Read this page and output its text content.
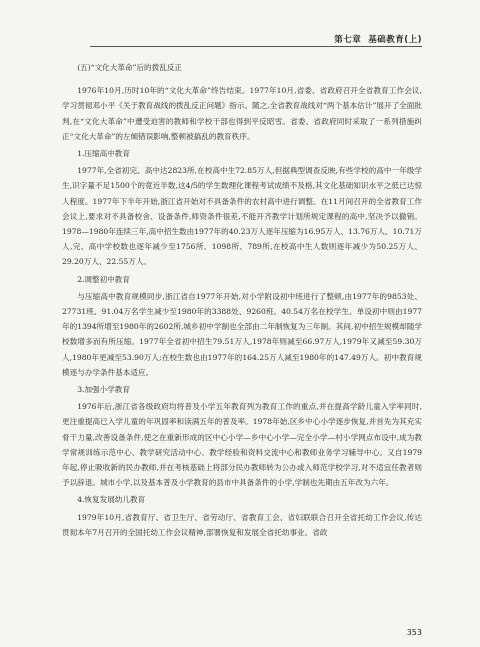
第七章 基础教育(上)

(五)“文化大革命”后的拨乱反正

1976年10月,历时10年的“文化大革命”终告结束。1977年10月,省委、省政府召开全省教育工作会议,学习贯彻邓小平《关于教育战线的拨乱反正问题》指示。随之,全省教育战线对“两个基本估计”展开了全面批判,在“文化大革命”中遭受迫害的教师和学校干部也得到平反昭雪。省委、省政府同时采取了一系列措施纠正“文化大革命”的左倾错误影响,整顿被搞乱的教育秩序。

1.压缩高中教育

1977年,全省初完、高中达2823所,在校高中生72.85万人,但据典型调查反映,有些学校的高中一年级学生,识字量不足1500个的竟近半数,这4/5的学生数理化课程考试成绩不及格,其文化基础知识水平之低已达惊人程度。1977年下半年开始,浙江省开始对不具备条件的农村高中进行调整。在11月间召开的全省教育工作会议上,要求对不具备校舍、设备条件,师资条件很差,不能开齐教学计划所规定课程的高中,坚决予以撤销。1978—1980年连续三年,高中招生数由1977年的40.23万人逐年压缩为16.95万人、13.76万人、10.71万人,完、高中学校数也逐年减少至1756所、1098所、789所,在校高中生人数则逐年减少为50.25万人、29.20万人、22.55万人。

2.调整初中教育

与压缩高中教育规模同步,浙江省自1977年开始,对小学附设初中班进行了整顿,由1977年的9853处、27731班、91.04万名学生减少至1980年的3388处、9260班、40.54万名在校学生。单设初中则由1977年的1394所增至1980年的2602所,城乡初中学制也全部由二年制恢复为三年制。其间,初中招生规模却随学校数增多而有所压缩。1977年全省初中招生79.51万人,1978年则减至66.97万人,1979年又减至59.30万人,1980年更减至53.90万人;在校生数也由1977年的164.25万人减至1980年的147.49万人。初中教育规模逐与办学条件基本适应。

3.加强小学教育

1976年后,浙江省各级政府均将普及小学五年教育列为教育工作的重点,并在提高学龄儿童入学率同时,更注重提高已入学儿童的年巩固率和读满五年的普及率。1978年始,区乡中心小学逐步恢复,并首先为其充实骨干力量,改善设备条件,使之在重新形成的区中心小学—乡中心小学—完全小学—村小学网点布设中,成为教学常规训练示范中心、教学研究活动中心、教学经验和资料交流中心和教师业务学习辅导中心。又自1979年起,停止吸收新的民办教师,并在考核基础上将部分民办教师转为公办或入师范学校学习,对不适宜任教者则予以辞退。城市小学,以及基本普及小学教育的县市中具备条件的小学,学制也先期由五年改为六年。

4.恢复发展幼儿教育

1979年10月,省教育厅、省卫生厅、省劳动厅、省教育工会、省妇联联合召开全省托幼工作会议,传达贯彻本年7月召开的全国托幼工作会议精神,部署恢复和发展全省托幼事业。省政

353
